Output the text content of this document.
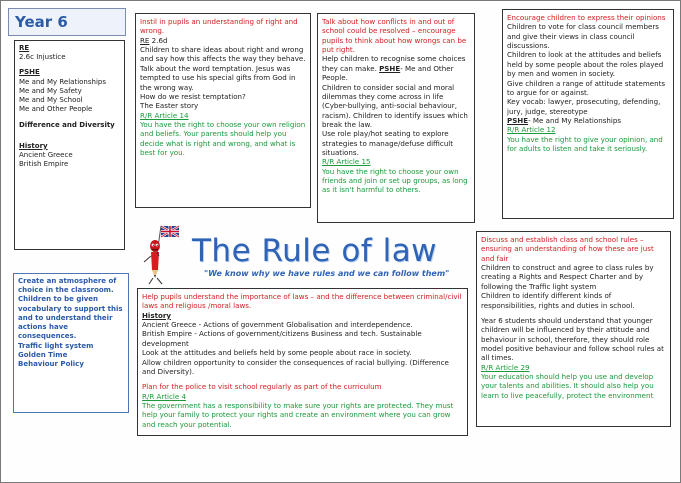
Year 6

RE

2.6c Injustice

PSHE

Me and My Relationships

Me and My Safety

Me and My School

Me and Other People

Difference and Diversity

History

Ancient Greece

British Empire

Instil in pupils an understanding of right and wrong.

RE 2.6d

Children to share ideas about right and wrong and say how this affects the way they behave.

Talk about the word temptation. Jesus was tempted to use his special gifts from God in the wrong way.

How do we resist temptation?

The Easter story

R/R Article 14

You have the right to choose your own religion and beliefs. Your parents should help you decide what is right and wrong, and what is best for you.

Talk about how conflicts in and out of school could be resolved – encourage pupils to think about how wrongs can be put right.

Help children to recognise some choices they can make. PSHE- Me and Other People.

Children to consider social and moral dilemmas they come across in life (Cyber-bullying, anti-social behaviour, racism). Children to identify issues which break the law.

Use role play/hot seating to explore strategies to manage/defuse difficult situations.

R/R Article 15

You have the right to choose your own friends and join or set up groups, as long as it isn't harmful to others.

Encourage children to express their opinions

Children to vote for class council members and give their views in class council discussions.

Children to look at the attitudes and beliefs held by some people about the roles played by men and women in society.

Give children a range of attitude statements to argue for or against.

Key vocab: lawyer, prosecuting, defending, jury, judge, stereotype

PSHE- Me and My Relationships

R/R Article 12

You have the right to give your opinion, and for adults to listen and take it seriously.

The Rule of law
"We know why we have rules and we can follow them"

Create an atmosphere of choice in the classroom. Children to be given vocabulary to support this and to understand their actions have consequences.

Traffic light system

Golden Time

Behaviour Policy

Help pupils understand the importance of laws – and the difference between criminal/civil laws and religious /moral laws.

History

Ancient Greece - Actions of government Globalisation and interdependence.

British Empire - Actions of government/citizens Business and tech. Sustainable development

Look at the attitudes and beliefs held by some people about race in society.

Allow children opportunity to consider the consequences of racial bullying. (Difference and Diversity).

Plan for the police to visit school regularly as part of the curriculum

R/R Article 4

The government has a responsibility to make sure your rights are protected. They must help your family to protect your rights and create an environment where you can grow and reach your potential.

Discuss and establish class and school rules – ensuring an understanding of how these are just and fair

Children to construct and agree to class rules by creating a Rights and Respect Charter and by following the Traffic light system

Children to identify different kinds of responsibilities, rights and duties in school.

Year 6 students should understand that younger children will be influenced by their attitude and behaviour in school, therefore, they should role model positive behaviour and follow school rules at all times.

R/R Article 29

Your education should help you use and develop your talents and abilities. It should also help you learn to live peacefully, protect the environment
